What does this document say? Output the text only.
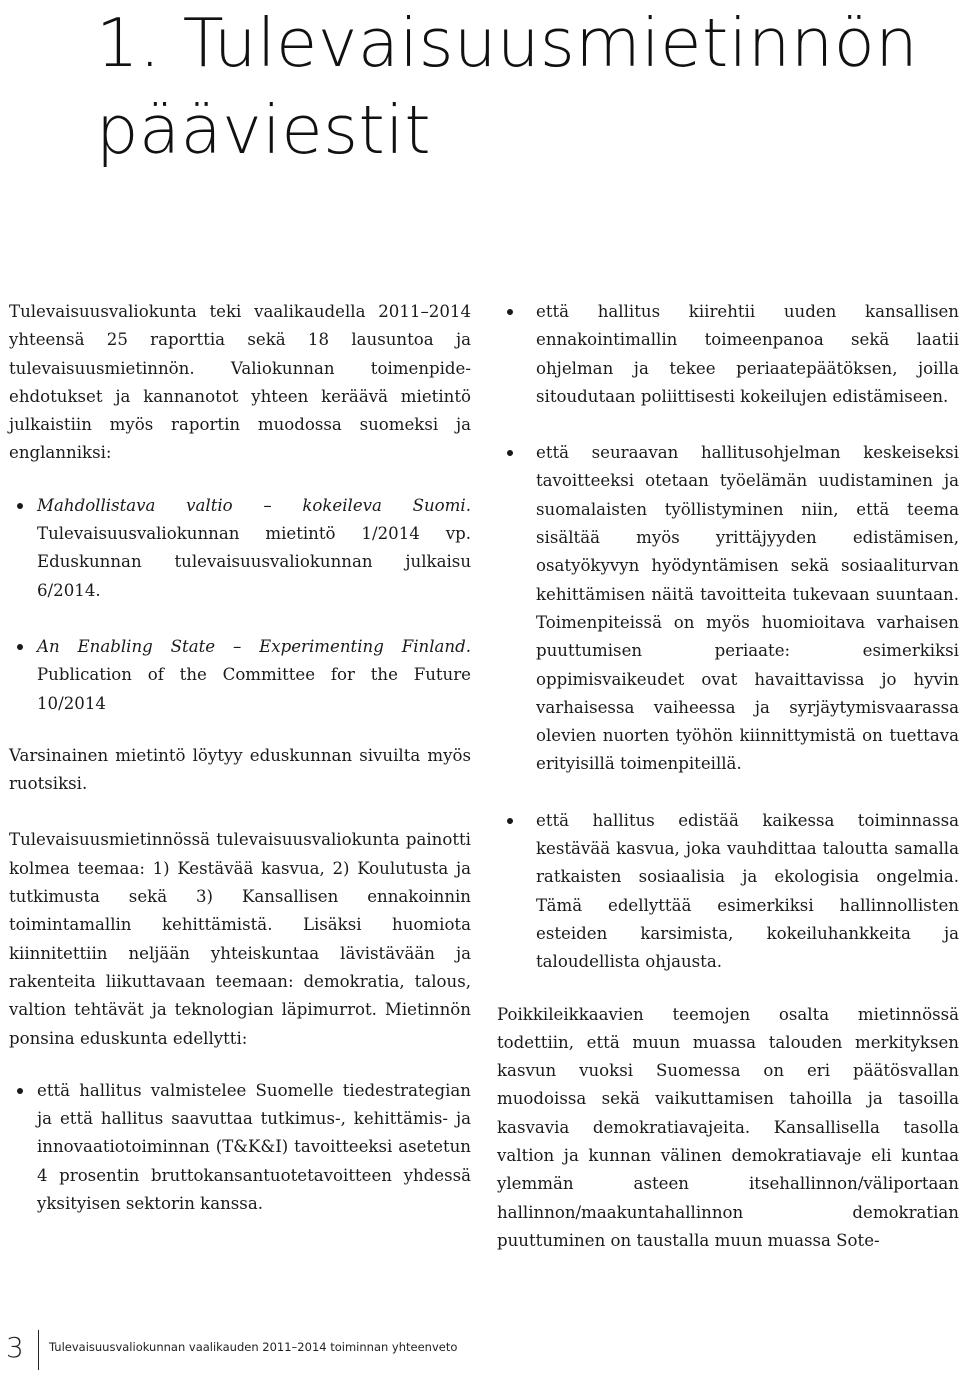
1. Tulevaisuusmietinnön
pääviestit

Tulevaisuusvaliokunta teki vaalikaudella 2011–2014 yhteensä 25 raporttia sekä 18 lausuntoa ja tulevaisuusmietinnön. Valiokunnan toimenpide-ehdotukset ja kannanotot yhteen keräävä mietintö julkaistiin myös raportin muodossa suomeksi ja englanniksi:

Mahdollistava valtio – kokeileva Suomi. Tulevaisuusvaliokunnan mietintö 1/2014 vp. Eduskunnan tulevaisuusvaliokunnan julkaisu 6/2014.
An Enabling State – Experimenting Finland. Publication of the Committee for the Future 10/2014

Varsinainen mietintö löytyy eduskunnan sivuilta myös ruotsiksi.

Tulevaisuusmietinnössä tulevaisuusvaliokunta painotti kolmea teemaa: 1) Kestävää kasvua, 2) Koulutusta ja tutkimusta sekä 3) Kansallisen ennakoinnin toimintamallin kehittämistä. Lisäksi huomiota kiinnitettiin neljään yhteiskuntaa lävistävään ja rakenteita liikuttavaan teemaan: demokratia, talous, valtion tehtävät ja teknologian läpimurrot. Mietinnön ponsina eduskunta edellytti:

että hallitus valmistelee Suomelle tiedestrategian ja että hallitus saavuttaa tutkimus-, kehittämis- ja innovaatiotoiminnan (T&K&I) tavoitteeksi asetetun 4 prosentin bruttokansantuotetavoitteen yhdessä yksityisen sektorin kanssa.
että hallitus kiirehtii uuden kansallisen ennakointimallin toimeenpanoa sekä laatii ohjelman ja tekee periaatepäätöksen, joilla sitoudutaan poliittisesti kokeilujen edistämiseen.
että seuraavan hallitusohjelman keskeiseksi tavoitteeksi otetaan työelämän uudistaminen ja suomalaisten työllistyminen niin, että teema sisältää myös yrittäjyyden edistämisen, osatyökyvyn hyödyntämisen sekä sosiaaliturvan kehittämisen näitä tavoitteita tukevaan suuntaan. Toimenpiteissä on myös huomioitava varhaisen puuttumisen periaate: esimerkiksi oppimisvaikeudet ovat havaittavissa jo hyvin varhaisessa vaiheessa ja syrjäytymisvaarassa olevien nuorten työhön kiinnittymistä on tuettava erityisillä toimenpiteillä.
että hallitus edistää kaikessa toiminnassa kestävää kasvua, joka vauhdittaa taloutta samalla ratkaisten sosiaalisia ja ekologisia ongelmia. Tämä edellyttää esimerkiksi hallinnollisten esteiden karsimista, kokeiluhankkeita ja taloudellista ohjausta.

Poikkileikkaavien teemojen osalta mietinnössä todettiin, että muun muassa talouden merkityksen kasvun vuoksi Suomessa on eri päätösvallan muodoissa sekä vaikuttamisen tahoilla ja tasoilla kasvavia demokratiavajeita. Kansallisella tasolla valtion ja kunnan välinen demokratiavaje eli kuntaa ylemmän asteen itsehallinnon/väliportaan hallinnon/maakuntahallinnon demokratian puuttuminen on taustalla muun muassa Sote-

3 Tulevaisuusvaliokunnan vaalikauden 2011–2014 toiminnan yhteenveto
